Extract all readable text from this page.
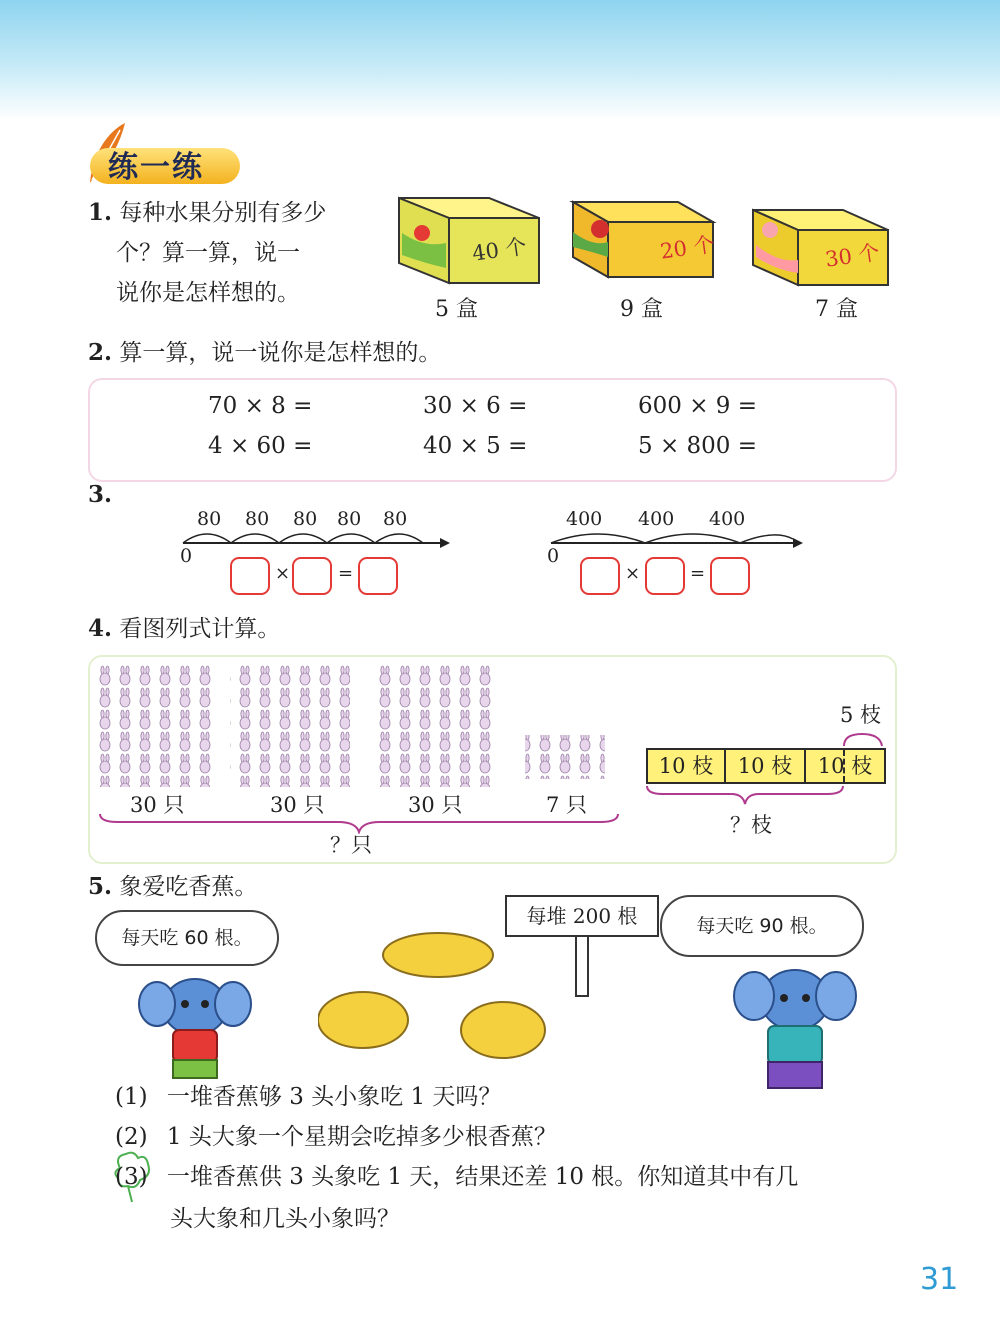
练一练
1. 每种水果分别有多少
个？算一算，说一
说你是怎样想的。
40 个
5 盒
20 个
9 盒
30 个
7 盒
2. 算一算，说一说你是怎样想的。
70 × 8 =	30 × 6 =	600 × 9 =
4 × 60 =	40 × 5 =	5 × 800 =
3.
0
80 80 80 80 80
×	=
0
400 400 400
×	=
4. 看图列式计算。
30 只	30 只	30 只	7 只
？只
5 枝
10 枝	10 枝	10 枝
？枝
5. 象爱吃香蕉。
每天吃 60 根。
每天吃 90 根。
每堆 200 根
(1) 一堆香蕉够 3 头小象吃 1 天吗？
(2) 1 头大象一个星期会吃掉多少根香蕉？
(3) 一堆香蕉供 3 头象吃 1 天，结果还差 10 根。你知道其中有几
头大象和几头小象吗？
31
